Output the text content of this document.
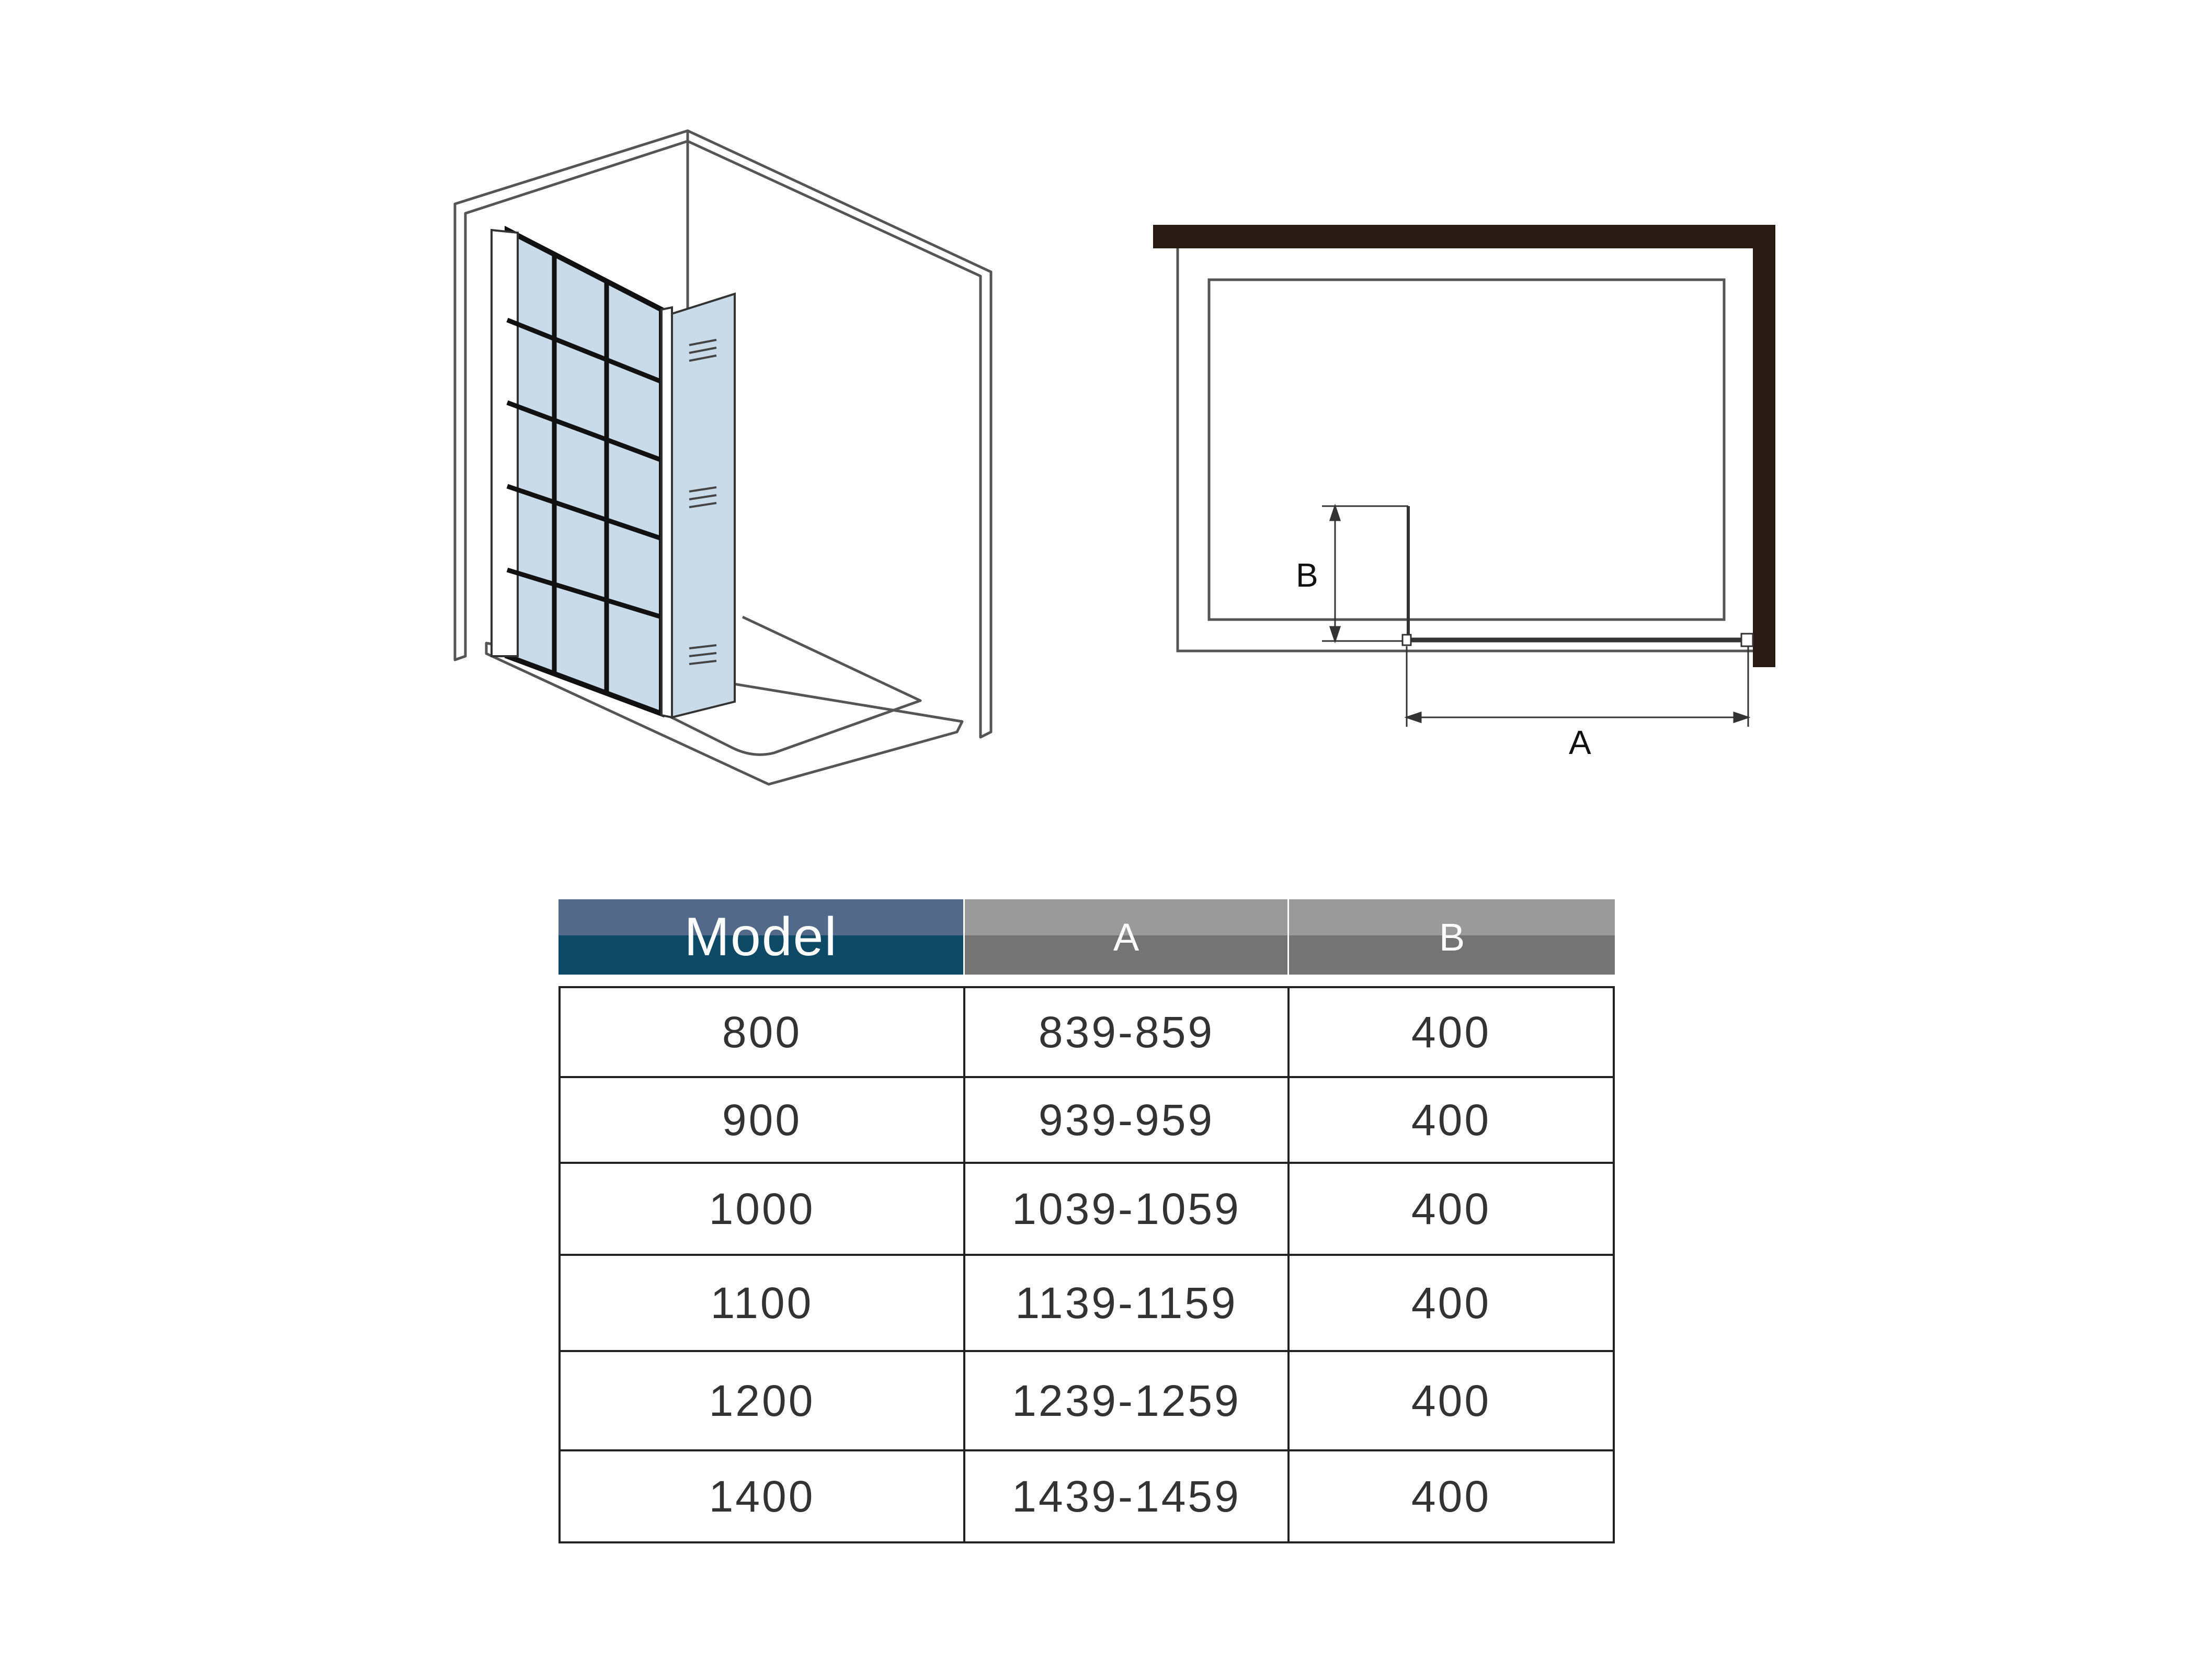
B
A
Model	A	B
800	839-859	400
900	939-959	400
1000	1039-1059	400
1100	1139-1159	400
1200	1239-1259	400
1400	1439-1459	400
